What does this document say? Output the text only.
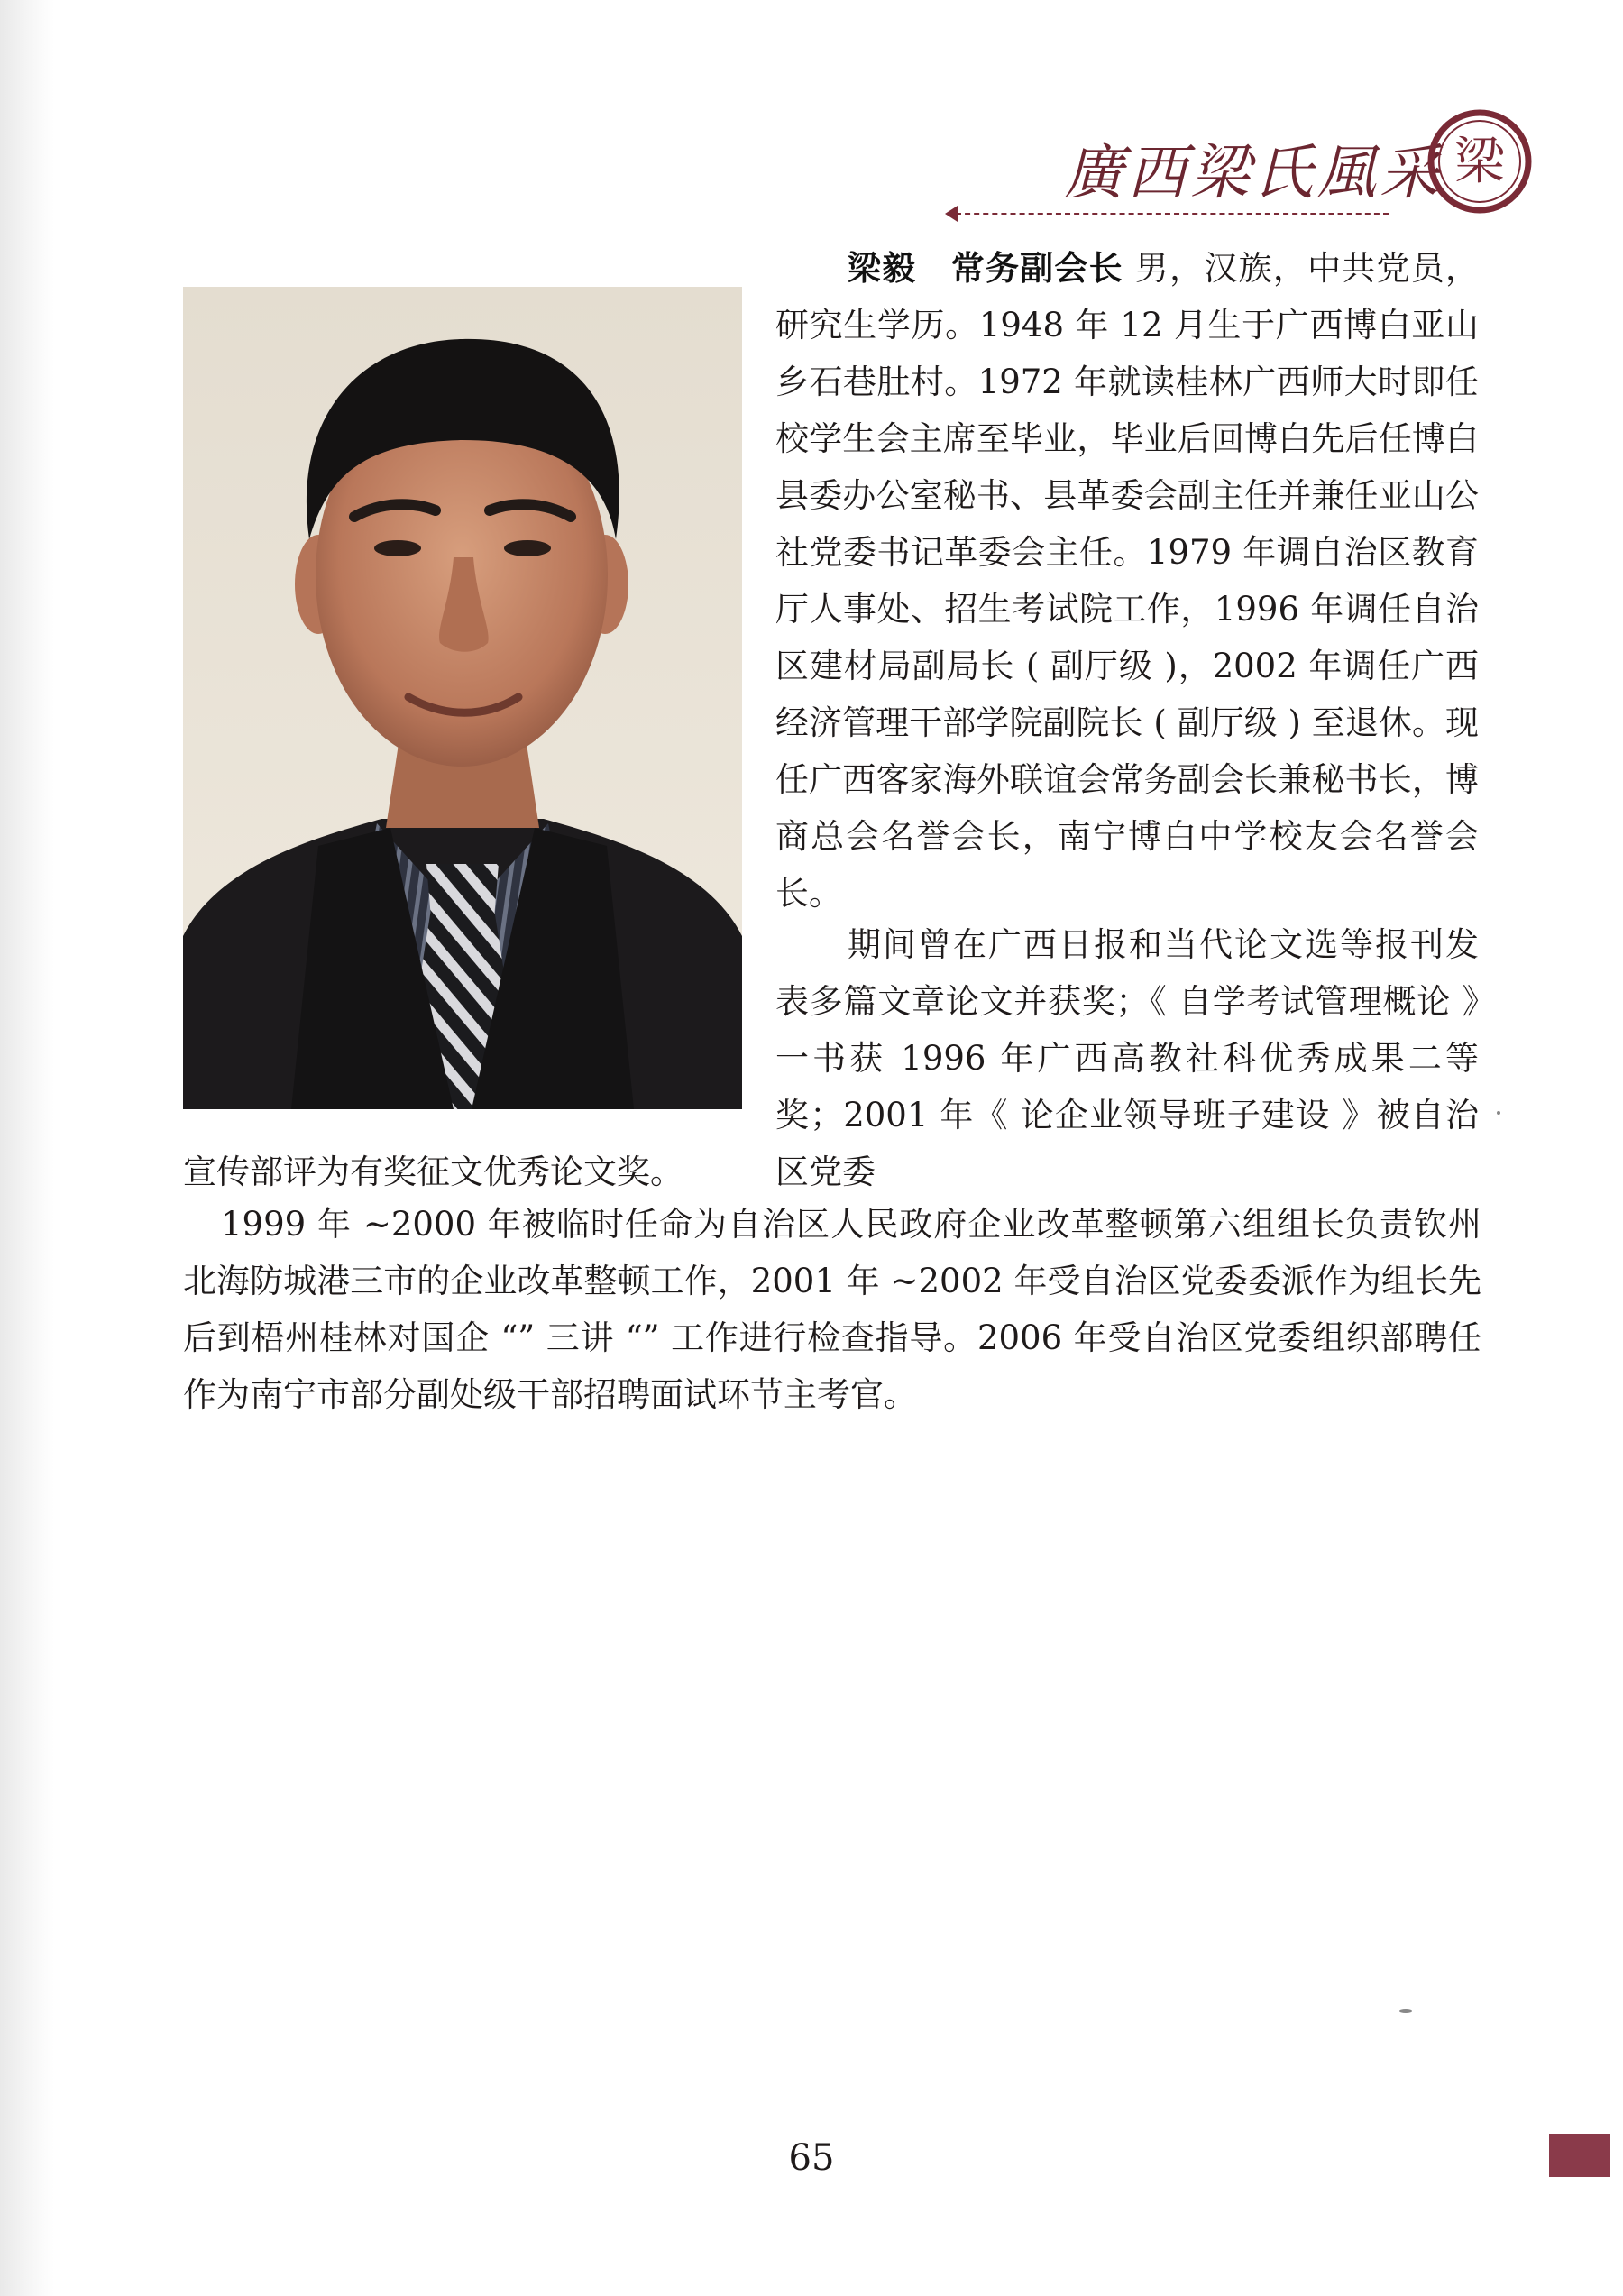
廣西梁氏風采 梁

梁毅　常务副会长 男，汉族，中共党员，研究生学历。1948 年 12 月生于广西博白亚山乡石巷肚村。1972 年就读桂林广西师大时即任校学生会主席至毕业，毕业后回博白先后任博白县委办公室秘书、县革委会副主任并兼任亚山公社党委书记革委会主任。1979 年调自治区教育厅人事处、招生考试院工作，1996 年调任自治区建材局副局长 ( 副厅级 )，2002 年调任广西经济管理干部学院副院长 ( 副厅级 ) 至退休。现任广西客家海外联谊会常务副会长兼秘书长，博商总会名誉会长，南宁博白中学校友会名誉会长。

期间曾在广西日报和当代论文选等报刊发表多篇文章论文并获奖；《 自学考试管理概论 》一书获 1996 年广西高教社科优秀成果二等奖；2001 年《 论企业领导班子建设 》被自治区党委

宣传部评为有奖征文优秀论文奖。

1999 年 ~2000 年被临时任命为自治区人民政府企业改革整顿第六组组长负责钦州北海防城港三市的企业改革整顿工作，2001 年 ~2002 年受自治区党委委派作为组长先后到梧州桂林对国企 “” 三讲 “” 工作进行检查指导。2006 年受自治区党委组织部聘任作为南宁市部分副处级干部招聘面试环节主考官。

65
